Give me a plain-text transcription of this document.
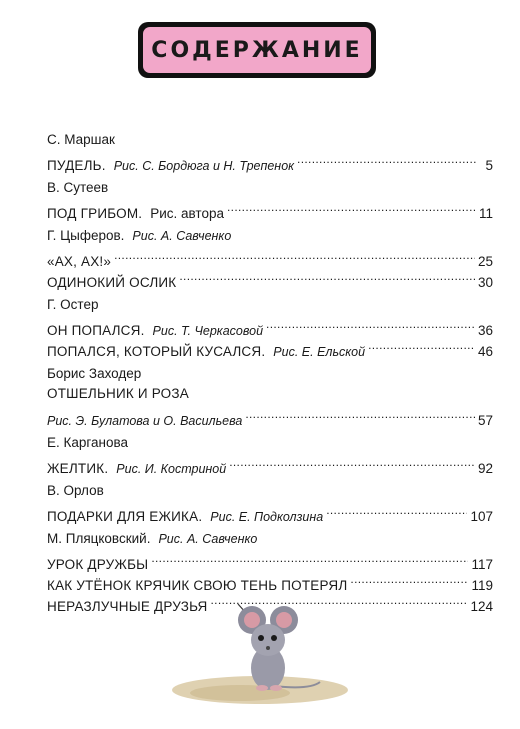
СОДЕРЖАНИЕ
С. Маршак
ПУДЕЛЬ. Рис. С. Бордюга и Н. Трепенок . . .	5
В. Сутеев
ПОД ГРИБОМ. Рис. автора . . .	11
Г. Цыферов. Рис. А. Савченко
«АХ, АХ!» . . .	25
ОДИНОКИЙ ОСЛИК . . .	30
Г. Остер
ОН ПОПАЛСЯ. Рис. Т. Черкасовой . . .	36
ПОПАЛСЯ, КОТОРЫЙ КУСАЛСЯ. Рис. Е. Ельской . . .	46
Борис Заходер
ОТШЕЛЬНИК И РОЗА
Рис. Э. Булатова и О. Васильева . . .	57
Е. Карганова
ЖЕЛТИК. Рис. И. Костриной . . .	92
В. Орлов
ПОДАРКИ ДЛЯ ЕЖИКА. Рис. Е. Подколзина . . .	107
М. Пляцковский. Рис. А. Савченко
УРОК ДРУЖБЫ . . .	117
КАК УТЁНОК КРЯЧИК СВОЮ ТЕНЬ ПОТЕРЯЛ . . .	119
НЕРАЗЛУЧНЫЕ ДРУЗЬЯ . . .	124
